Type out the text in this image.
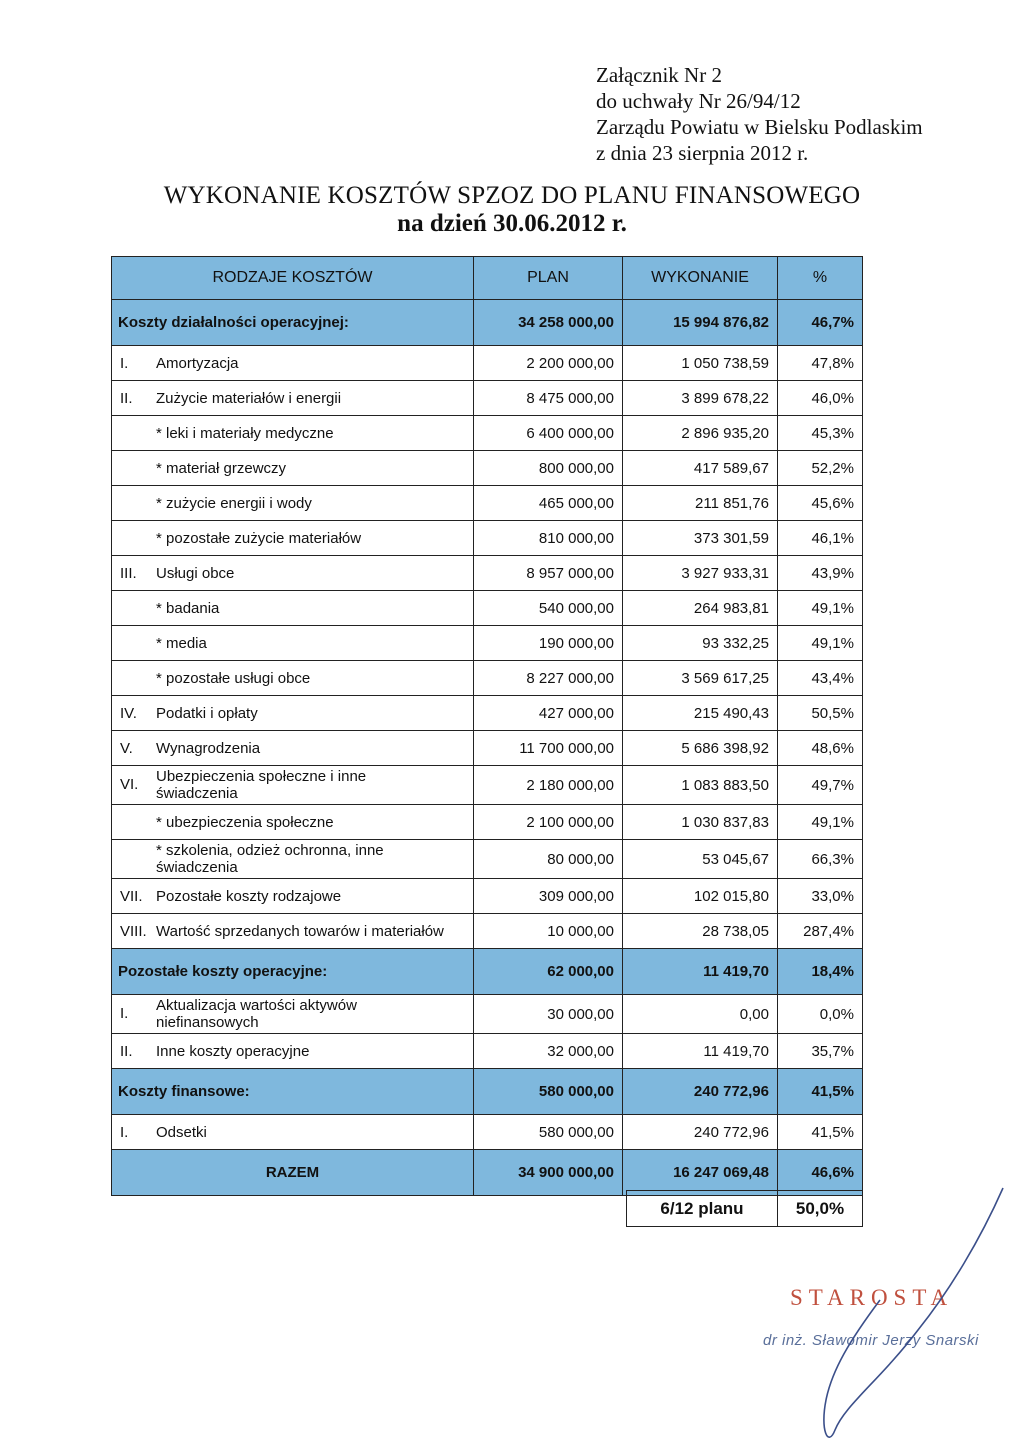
Załącznik Nr 2
do uchwały Nr 26/94/12
Zarządu Powiatu w Bielsku Podlaskim
z dnia 23 sierpnia 2012 r.
WYKONANIE KOSZTÓW SPZOZ DO PLANU FINANSOWEGO
na dzień 30.06.2012 r.
RODZAJE KOSZTÓW	PLAN	WYKONANIE	%
Koszty działalności operacyjnej:	34 258 000,00	15 994 876,82	46,7%
I. Amortyzacja	2 200 000,00	1 050 738,59	47,8%
II. Zużycie materiałów i energii	8 475 000,00	3 899 678,22	46,0%
* leki i materiały medyczne	6 400 000,00	2 896 935,20	45,3%
* materiał grzewczy	800 000,00	417 589,67	52,2%
* zużycie energii i wody	465 000,00	211 851,76	45,6%
* pozostałe zużycie materiałów	810 000,00	373 301,59	46,1%
III. Usługi obce	8 957 000,00	3 927 933,31	43,9%
* badania	540 000,00	264 983,81	49,1%
* media	190 000,00	93 332,25	49,1%
* pozostałe usługi obce	8 227 000,00	3 569 617,25	43,4%
IV. Podatki i opłaty	427 000,00	215 490,43	50,5%
V. Wynagrodzenia	11 700 000,00	5 686 398,92	48,6%
VI. Ubezpieczenia społeczne i inne świadczenia	2 180 000,00	1 083 883,50	49,7%
* ubezpieczenia społeczne	2 100 000,00	1 030 837,83	49,1%
* szkolenia, odzież ochronna, inne świadczenia	80 000,00	53 045,67	66,3%
VII. Pozostałe koszty rodzajowe	309 000,00	102 015,80	33,0%
VIII. Wartość sprzedanych towarów i materiałów	10 000,00	28 738,05	287,4%
Pozostałe koszty operacyjne:	62 000,00	11 419,70	18,4%
I. Aktualizacja wartości aktywów niefinansowych	30 000,00	0,00	0,0%
II. Inne koszty operacyjne	32 000,00	11 419,70	35,7%
Koszty finansowe:	580 000,00	240 772,96	41,5%
I. Odsetki	580 000,00	240 772,96	41,5%
RAZEM	34 900 000,00	16 247 069,48	46,6%
6/12 planu	50,0%
STAROSTA
dr inż. Sławomir Jerzy Snarski
